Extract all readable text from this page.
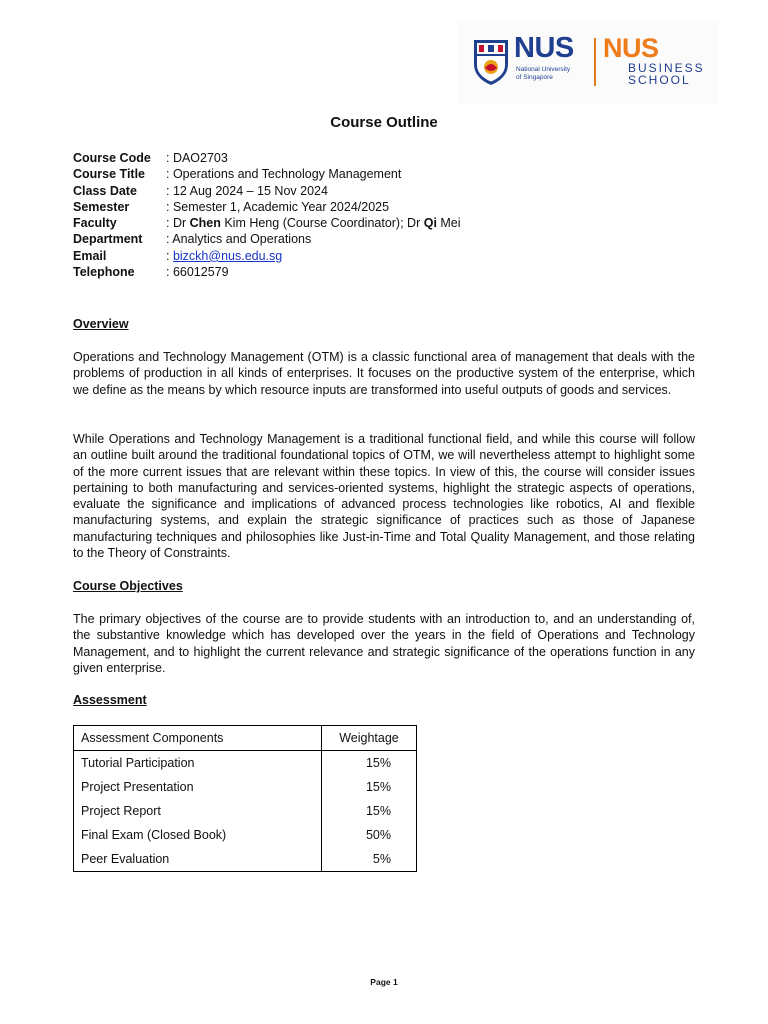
NUS
National University
of Singapore
NUS
BUSINESS
SCHOOL
Course Outline
Course Code : DAO2703
Course Title : Operations and Technology Management
Class Date : 12 Aug 2024 – 15 Nov 2024
Semester	: Semester 1, Academic Year 2024/2025
Faculty	: Dr Chen Kim Heng (Course Coordinator); Dr Qi Mei
Department : Analytics and Operations
Email	: bizckh@nus.edu.sg
Telephone	: 66012579
Overview

Operations and Technology Management (OTM) is a classic functional area of management that deals with the problems of production in all kinds of enterprises. It focuses on the productive system of the enterprise, which we define as the means by which resource inputs are transformed into useful outputs of goods and services.

While Operations and Technology Management is a traditional functional field, and while this course will follow an outline built around the traditional foundational topics of OTM, we will nevertheless attempt to highlight some of the more current issues that are relevant within these topics. In view of this, the course will consider issues pertaining to both manufacturing and services-oriented systems, highlight the strategic aspects of operations, evaluate the significance and implications of advanced process technologies like robotics, AI and flexible manufacturing systems, and explain the strategic significance of practices such as those of Japanese manufacturing techniques and philosophies like Just-in-Time and Total Quality Management, and those relating to the Theory of Constraints.

Course Objectives

The primary objectives of the course are to provide students with an introduction to, and an understanding of, the substantive knowledge which has developed over the years in the field of Operations and Technology Management, and to highlight the current relevance and strategic significance of the operations function in any given enterprise.

Assessment
Assessment Components	Weightage
Tutorial Participation	15%
Project Presentation	15%
Project Report	15%
Final Exam (Closed Book)	50%
Peer Evaluation	5%
Page 1
